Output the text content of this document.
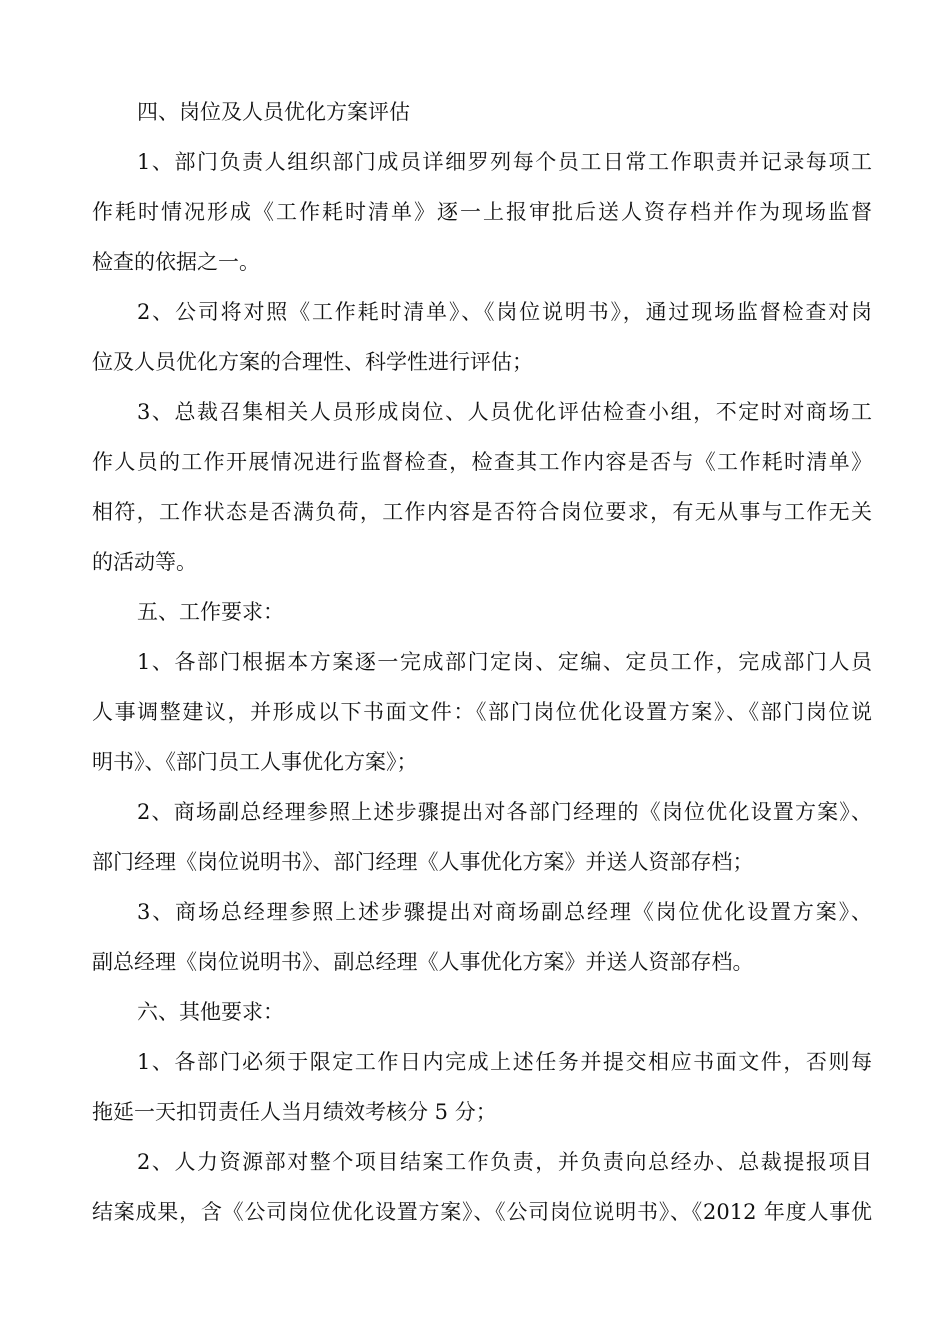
四、岗位及人员优化方案评估
1、部门负责人组织部门成员详细罗列每个员工日常工作职责并记录每项工
作耗时情况形成《工作耗时清单》逐一上报审批后送人资存档并作为现场监督
检查的依据之一。
2、公司将对照《工作耗时清单》、《岗位说明书》，通过现场监督检查对岗
位及人员优化方案的合理性、科学性进行评估；
3、总裁召集相关人员形成岗位、人员优化评估检查小组，不定时对商场工
作人员的工作开展情况进行监督检查，检查其工作内容是否与《工作耗时清单》
相符，工作状态是否满负荷，工作内容是否符合岗位要求，有无从事与工作无关
的活动等。
五、工作要求：
1、各部门根据本方案逐一完成部门定岗、定编、定员工作，完成部门人员
人事调整建议，并形成以下书面文件：《部门岗位优化设置方案》、《部门岗位说
明书》、《部门员工人事优化方案》；
2、商场副总经理参照上述步骤提出对各部门经理的《岗位优化设置方案》、
部门经理《岗位说明书》、部门经理《人事优化方案》并送人资部存档；
3、商场总经理参照上述步骤提出对商场副总经理《岗位优化设置方案》、
副总经理《岗位说明书》、副总经理《人事优化方案》并送人资部存档。
六、其他要求：
1、各部门必须于限定工作日内完成上述任务并提交相应书面文件，否则每
拖延一天扣罚责任人当月绩效考核分 5 分；
2、人力资源部对整个项目结案工作负责，并负责向总经办、总裁提报项目
结案成果，含《公司岗位优化设置方案》、《公司岗位说明书》、《2012 年度人事优
